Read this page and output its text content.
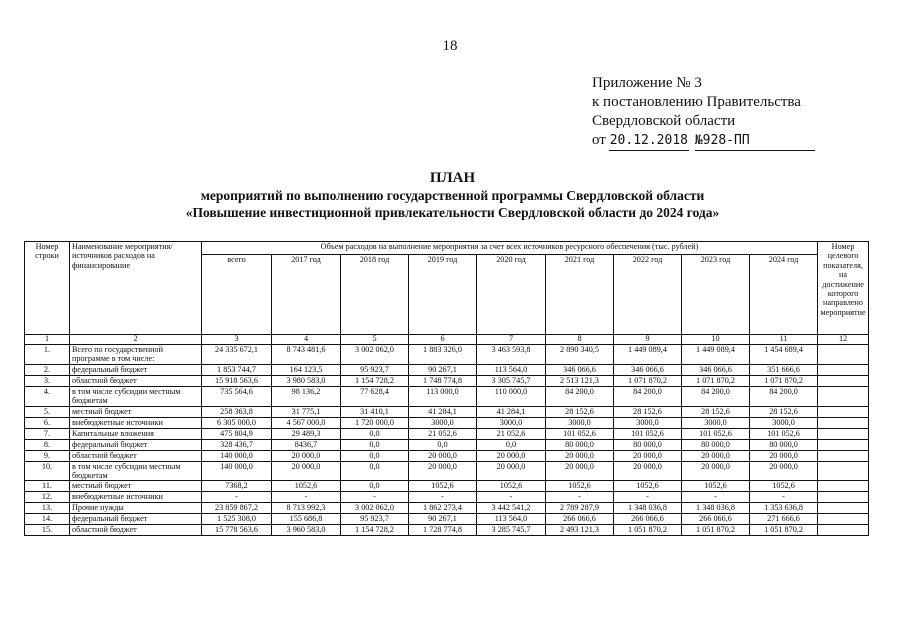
18
Приложение № 3
к постановлению Правительства
Свердловской области
от 20.12.2018 №928-ПП
ПЛАН
мероприятий по выполнению государственной программы Свердловской области
«Повышение инвестиционной привлекательности Свердловской области до 2024 года»
Номер строки	Наименование мероприятия/источников расходов на финансирование	Объем расходов на выполнение мероприятия за счет всех источников ресурсного обеспечения (тыс. рублей)									Номер целевого показателя, на достижение которого направлено мероприятие
		всего	2017 год	2018 год	2019 год	2020 год	2021 год	2022 год	2023 год	2024 год	
1	2	3	4	5	6	7	8	9	10	11	12
1.	Всего по государственной программе в том числе:	24 335 672,1	8 743 481,6	3 002 062,0	1 883 326,0	3 463 593,8	2 890 340,5	1 449 089,4	1 449 089,4	1 454 689,4	
2.	федеральный бюджет	1 853 744,7	164 123,5	95 923,7	90 267,1	113 564,0	346 066,6	346 066,6	346 066,6	351 666,6	
3.	областной бюджет	15 918 563,6	3 980 583,0	1 154 728,2	1 748 774,8	3 305 745,7	2 513 121,3	1 071 870,2	1 071 870,2	1 071 870,2	
4.	в том числе субсидии местным бюджетам	735 564,6	98 136,2	77 628,4	113 000,0	110 000,0	84 200,0	84 200,0	84 200,0	84 200,0	
5.	местный бюджет	258 363,8	31 775,1	31 410,1	41 284,1	41 284,1	28 152,6	28 152,6	28 152,6	28 152,6	
6.	внебюджетные источники	6 305 000,0	4 567 000,0	1 720 000,0	3000,0	3000,0	3000,0	3000,0	3000,0	3000,0	
7.	Капитальные вложения	475 804,9	29 489,3	0,0	21 052,6	21 052,6	101 052,6	101 052,6	101 052,6	101 052,6	
8.	федеральный бюджет	328 436,7	8436,7	0,0	0,0	0,0	80 000,0	80 000,0	80 000,0	80 000,0	
9.	областной бюджет	140 000,0	20 000,0	0,0	20 000,0	20 000,0	20 000,0	20 000,0	20 000,0	20 000,0	
10.	в том числе субсидии местным бюджетам	140 000,0	20 000,0	0,0	20 000,0	20 000,0	20 000,0	20 000,0	20 000,0	20 000,0	
11.	местный бюджет	7368,2	1052,6	0,0	1052,6	1052,6	1052,6	1052,6	1052,6	1052,6	
12.	внебюджетные источники	-	-	-	-	-	-	-	-	-	
13.	Прочие нужды	23 859 867,2	8 713 992,3	3 002 062,0	1 862 273,4	3 442 541,2	2 789 287,9	1 348 036,8	1 348 036,8	1 353 636,8	
14.	федеральный бюджет	1 525 308,0	155 686,8	95 923,7	90 267,1	113 564,0	266 066,6	266 066,6	266 066,6	271 666,6	
15.	областной бюджет	15 778 563,6	3 960 583,0	1 154 728,2	1 728 774,8	3 285 745,7	2 493 121,3	1 051 870,2	1 051 870,2	1 051 870,2	
